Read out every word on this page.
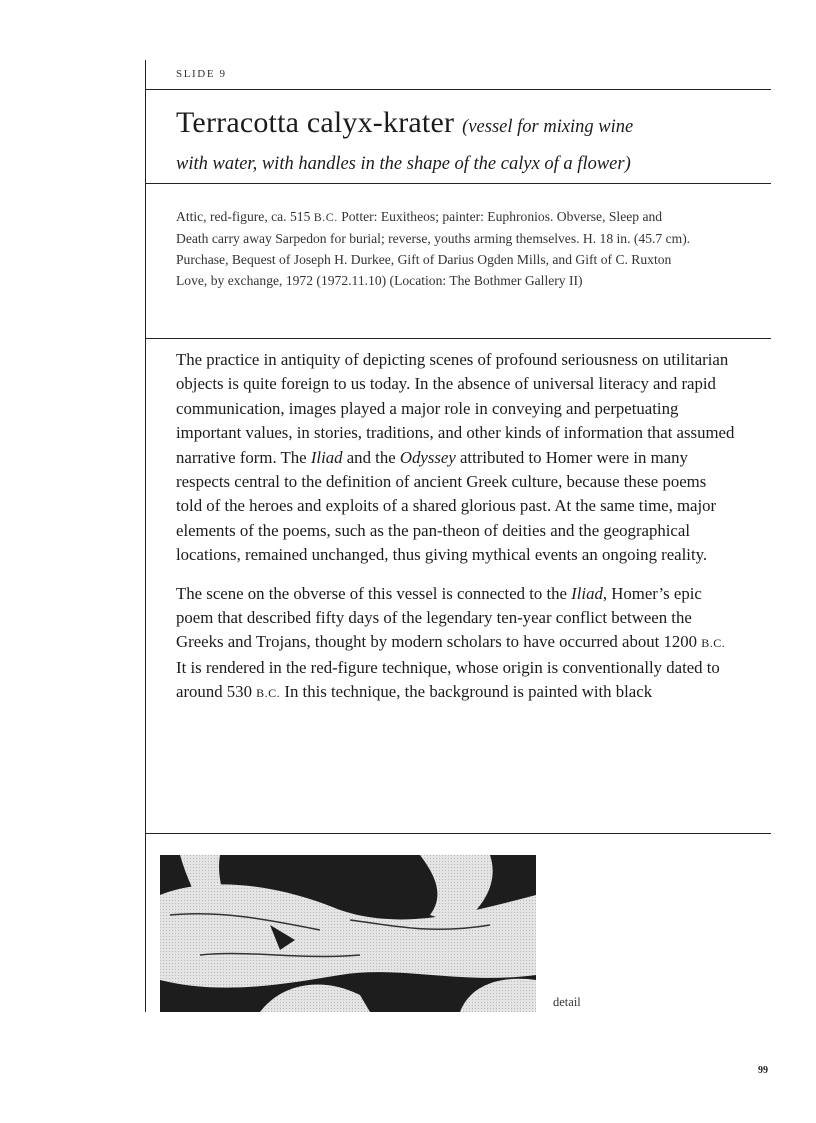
SLIDE 9
Terracotta calyx-krater (vessel for mixing wine
with water, with handles in the shape of the calyx of a flower)

Attic, red-figure, ca. 515 B.C. Potter: Euxitheos; painter: Euphronios. Obverse, Sleep and Death carry away Sarpedon for burial; reverse, youths arming themselves. H. 18 in. (45.7 cm). Purchase, Bequest of Joseph H. Durkee, Gift of Darius Ogden Mills, and Gift of C. Ruxton Love, by exchange, 1972 (1972.11.10) (Location: The Bothmer Gallery II)

The practice in antiquity of depicting scenes of profound seriousness on utilitarian objects is quite foreign to us today. In the absence of universal literacy and rapid communication, images played a major role in conveying and perpetuating important values, in stories, traditions, and other kinds of information that assumed narrative form. The Iliad and the Odyssey attributed to Homer were in many respects central to the definition of ancient Greek culture, because these poems told of the heroes and exploits of a shared glorious past. At the same time, major elements of the poems, such as the pan-theon of deities and the geographical locations, remained unchanged, thus giving mythical events an ongoing reality.

The scene on the obverse of this vessel is connected to the Iliad, Homer’s epic poem that described fifty days of the legendary ten-year conflict between the Greeks and Trojans, thought by modern scholars to have occurred about 1200 B.C. It is rendered in the red-figure technique, whose origin is conventionally dated to around 530 B.C. In this technique, the background is painted with black

detail
99
